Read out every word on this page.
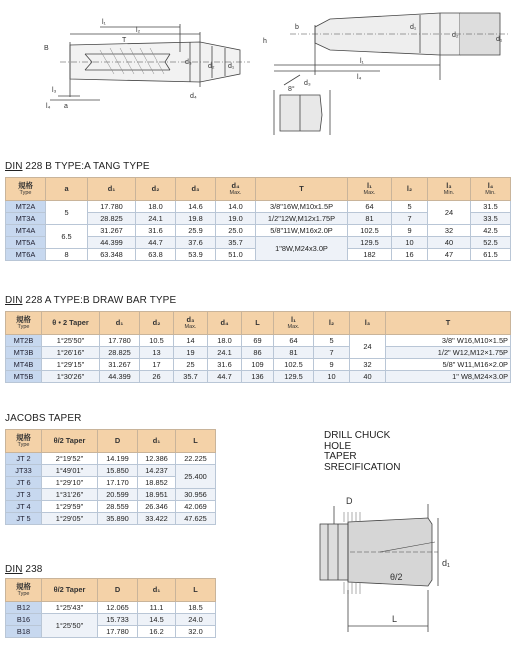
l₁
l₂
T
B
a
d₃
d₂ d₁
d₄
l₃
l₄
b
l₁
d₁
d₂
h
l₄
8°
d₃
d₁
DIN 228 B TYPE:A TANG TYPE
規格
Type	a	d₁	d₂	d₃	d₄
Max.	T	l₁
Max.	l₂	l₃
Min.	l₄
Min.

MT2A	5	17.780	18.0	14.6	14.0	3/8"16W,M10x1.5P	64	5	24	31.5
MT3A		28.825	24.1	19.8	19.0	1/2"12W,M12x1.75P	81	7		33.5
MT4A	6.5	31.267	31.6	25.9	25.0	5/8"11W,M16x2.0P	102.5	9	32	42.5
MT5A		44.399	44.7	37.6	35.7	1"8W,M24x3.0P	129.5	10	40	52.5
MT6A	8	63.348	63.8	53.9	51.0		182	16	47	61.5
DIN 228 A TYPE:B DRAW BAR TYPE
規格
Type	θ • 2 Taper	d₁	d₂	d₃
Max.	d₄	L	l₁
Max.	l₂	l₃	T
MT2B	1°25'50"	17.780	10.5	14	18.0	69	64	5	24	3/8" W16,M10×1.5P
MT3B	1°26'16"	28.825	13	19	24.1	86	81	7		1/2" W12,M12×1.75P
MT4B	1°29'15"	31.267	17	25	31.6	109	102.5	9	32	5/8" W11,M16×2.0P
MT5B	1°30'26"	44.399	26	35.7	44.7	136	129.5	10	40	1" W8,M24×3.0P
JACOBS TAPER
規格
Type	θ/2 Taper	D	d₁	L
JT 2	2°19'52"	14.199	12.386	22.225
JT33	1°49'01"	15.850	14.237	25.400
JT 6	1°29'10"	17.170	18.852	
JT 3	1°31'26"	20.599	18.951	30.956
JT 4	1°29'59"	28.559	26.346	42.069
JT 5	1°29'05"	35.890	33.422	47.625
DIN 238
規格
Type	θ/2 Taper	D	d₁	L
B12	1°25'43"	12.065	11.1	18.5
B16	1°25'50"	15.733	14.5	24.0
B18		17.780	16.2	32.0
DRILL CHUCK
HOLE
TAPER
SRECIFICATION
D
d₁
θ/2
L
